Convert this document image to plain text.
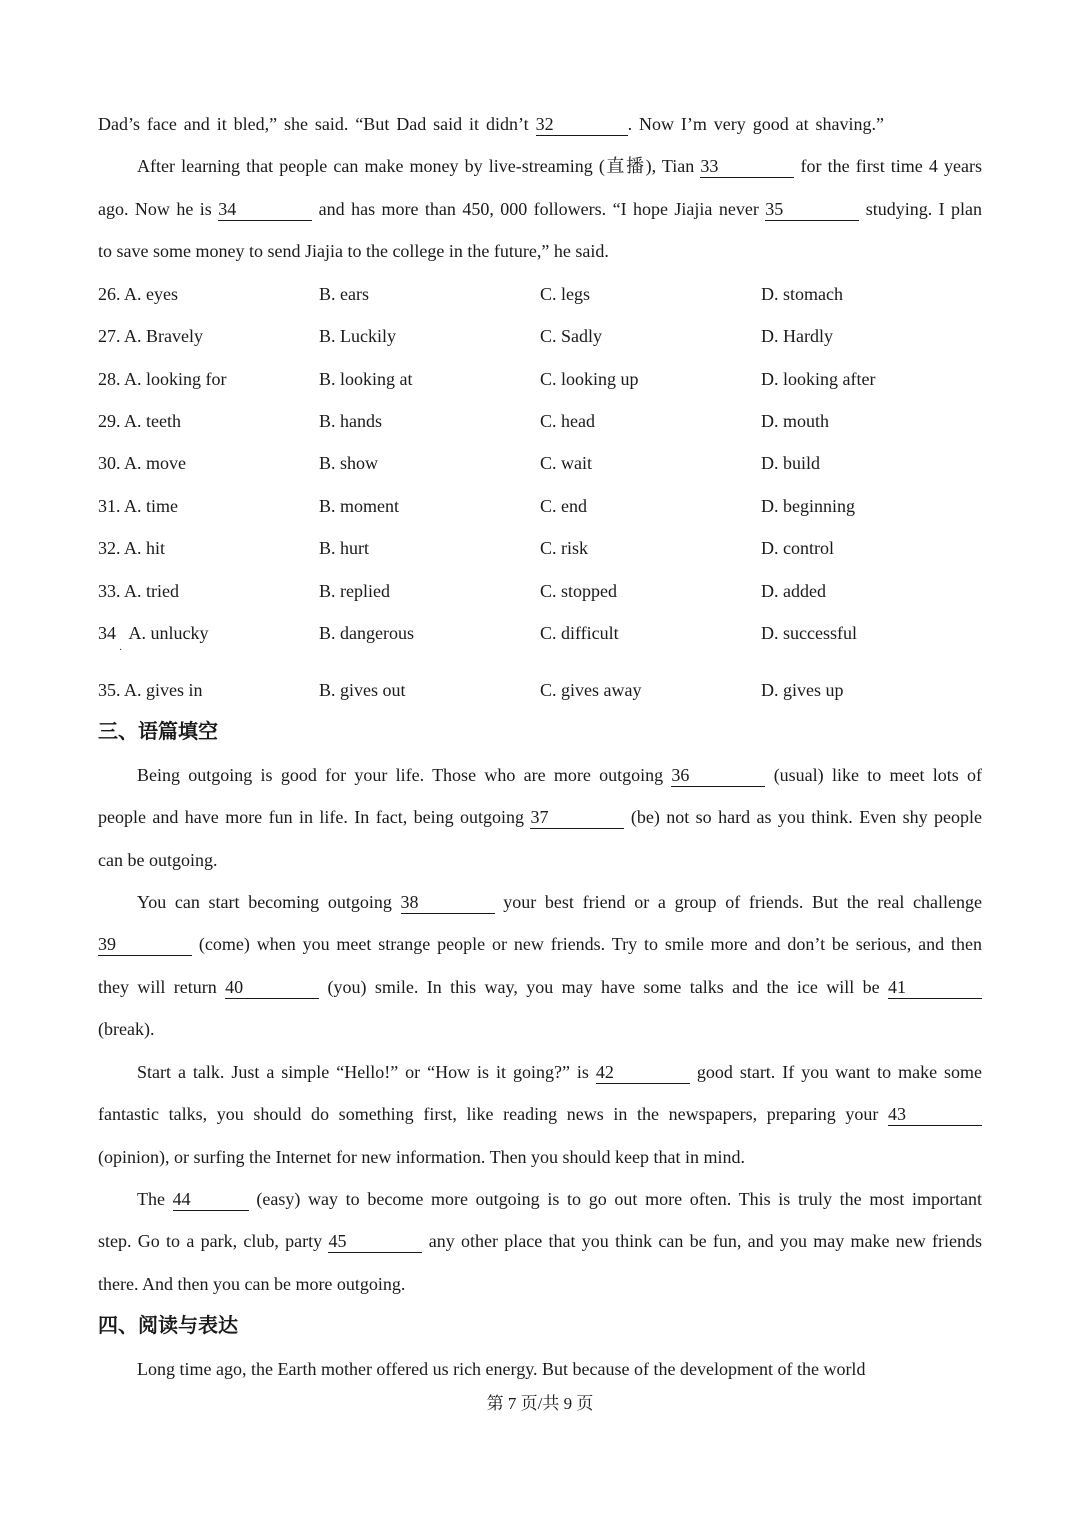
Dad’s face and it bled,” she said. “But Dad said it didn’t 32	. Now I’m very good at shaving.”

After learning that people can make money by live-streaming (直播), Tian 33	for the first time 4 years

ago. Now he is 34	and has more than 450, 000 followers. “I hope Jiajia never 35	studying. I plan

to save some money to send Jiajia to the college in the future,” he said.

26. A. eyes	B. ears	C. legs	D. stomach

27. A. Bravely	B. Luckily	C. Sadly	D. Hardly

28. A. looking for	B. looking at	C. looking up	D. looking after

29. A. teeth	B. hands	C. head	D. mouth

30. A. move	B. show	C. wait	D. build

31. A. time	B. moment	C. end	D. beginning

32. A. hit	B. hurt	C. risk	D. control

33. A. tried	B. replied	C. stopped	D. added

34   A. unlucky	B. dangerous	C. difficult	D. successful

·

35. A. gives in	B. gives out	C. gives away	D. gives up

三、语篇填空

Being outgoing is good for your life. Those who are more outgoing 36	(usual) like to meet lots of

people and have more fun in life. In fact, being outgoing 37	(be) not so hard as you think. Even shy people

can be outgoing.

You can start becoming outgoing 38	your best friend or a group of friends. But the real challenge

39	(come) when you meet strange people or new friends. Try to smile more and don’t be serious, and then

they will return 40	(you) smile. In this way, you may have some talks and the ice will be 41

(break).

Start a talk. Just a simple “Hello!” or “How is it going?” is 42	good start. If you want to make some

fantastic talks, you should do something first, like reading news in the newspapers, preparing your 43

(opinion), or surfing the Internet for new information. Then you should keep that in mind.

The 44	(easy) way to become more outgoing is to go out more often. This is truly the most important

step. Go to a park, club, party 45	any other place that you think can be fun, and you may make new friends

there. And then you can be more outgoing.

四、阅读与表达

Long time ago, the Earth mother offered us rich energy. But because of the development of the world

第 7 页/共 9 页
